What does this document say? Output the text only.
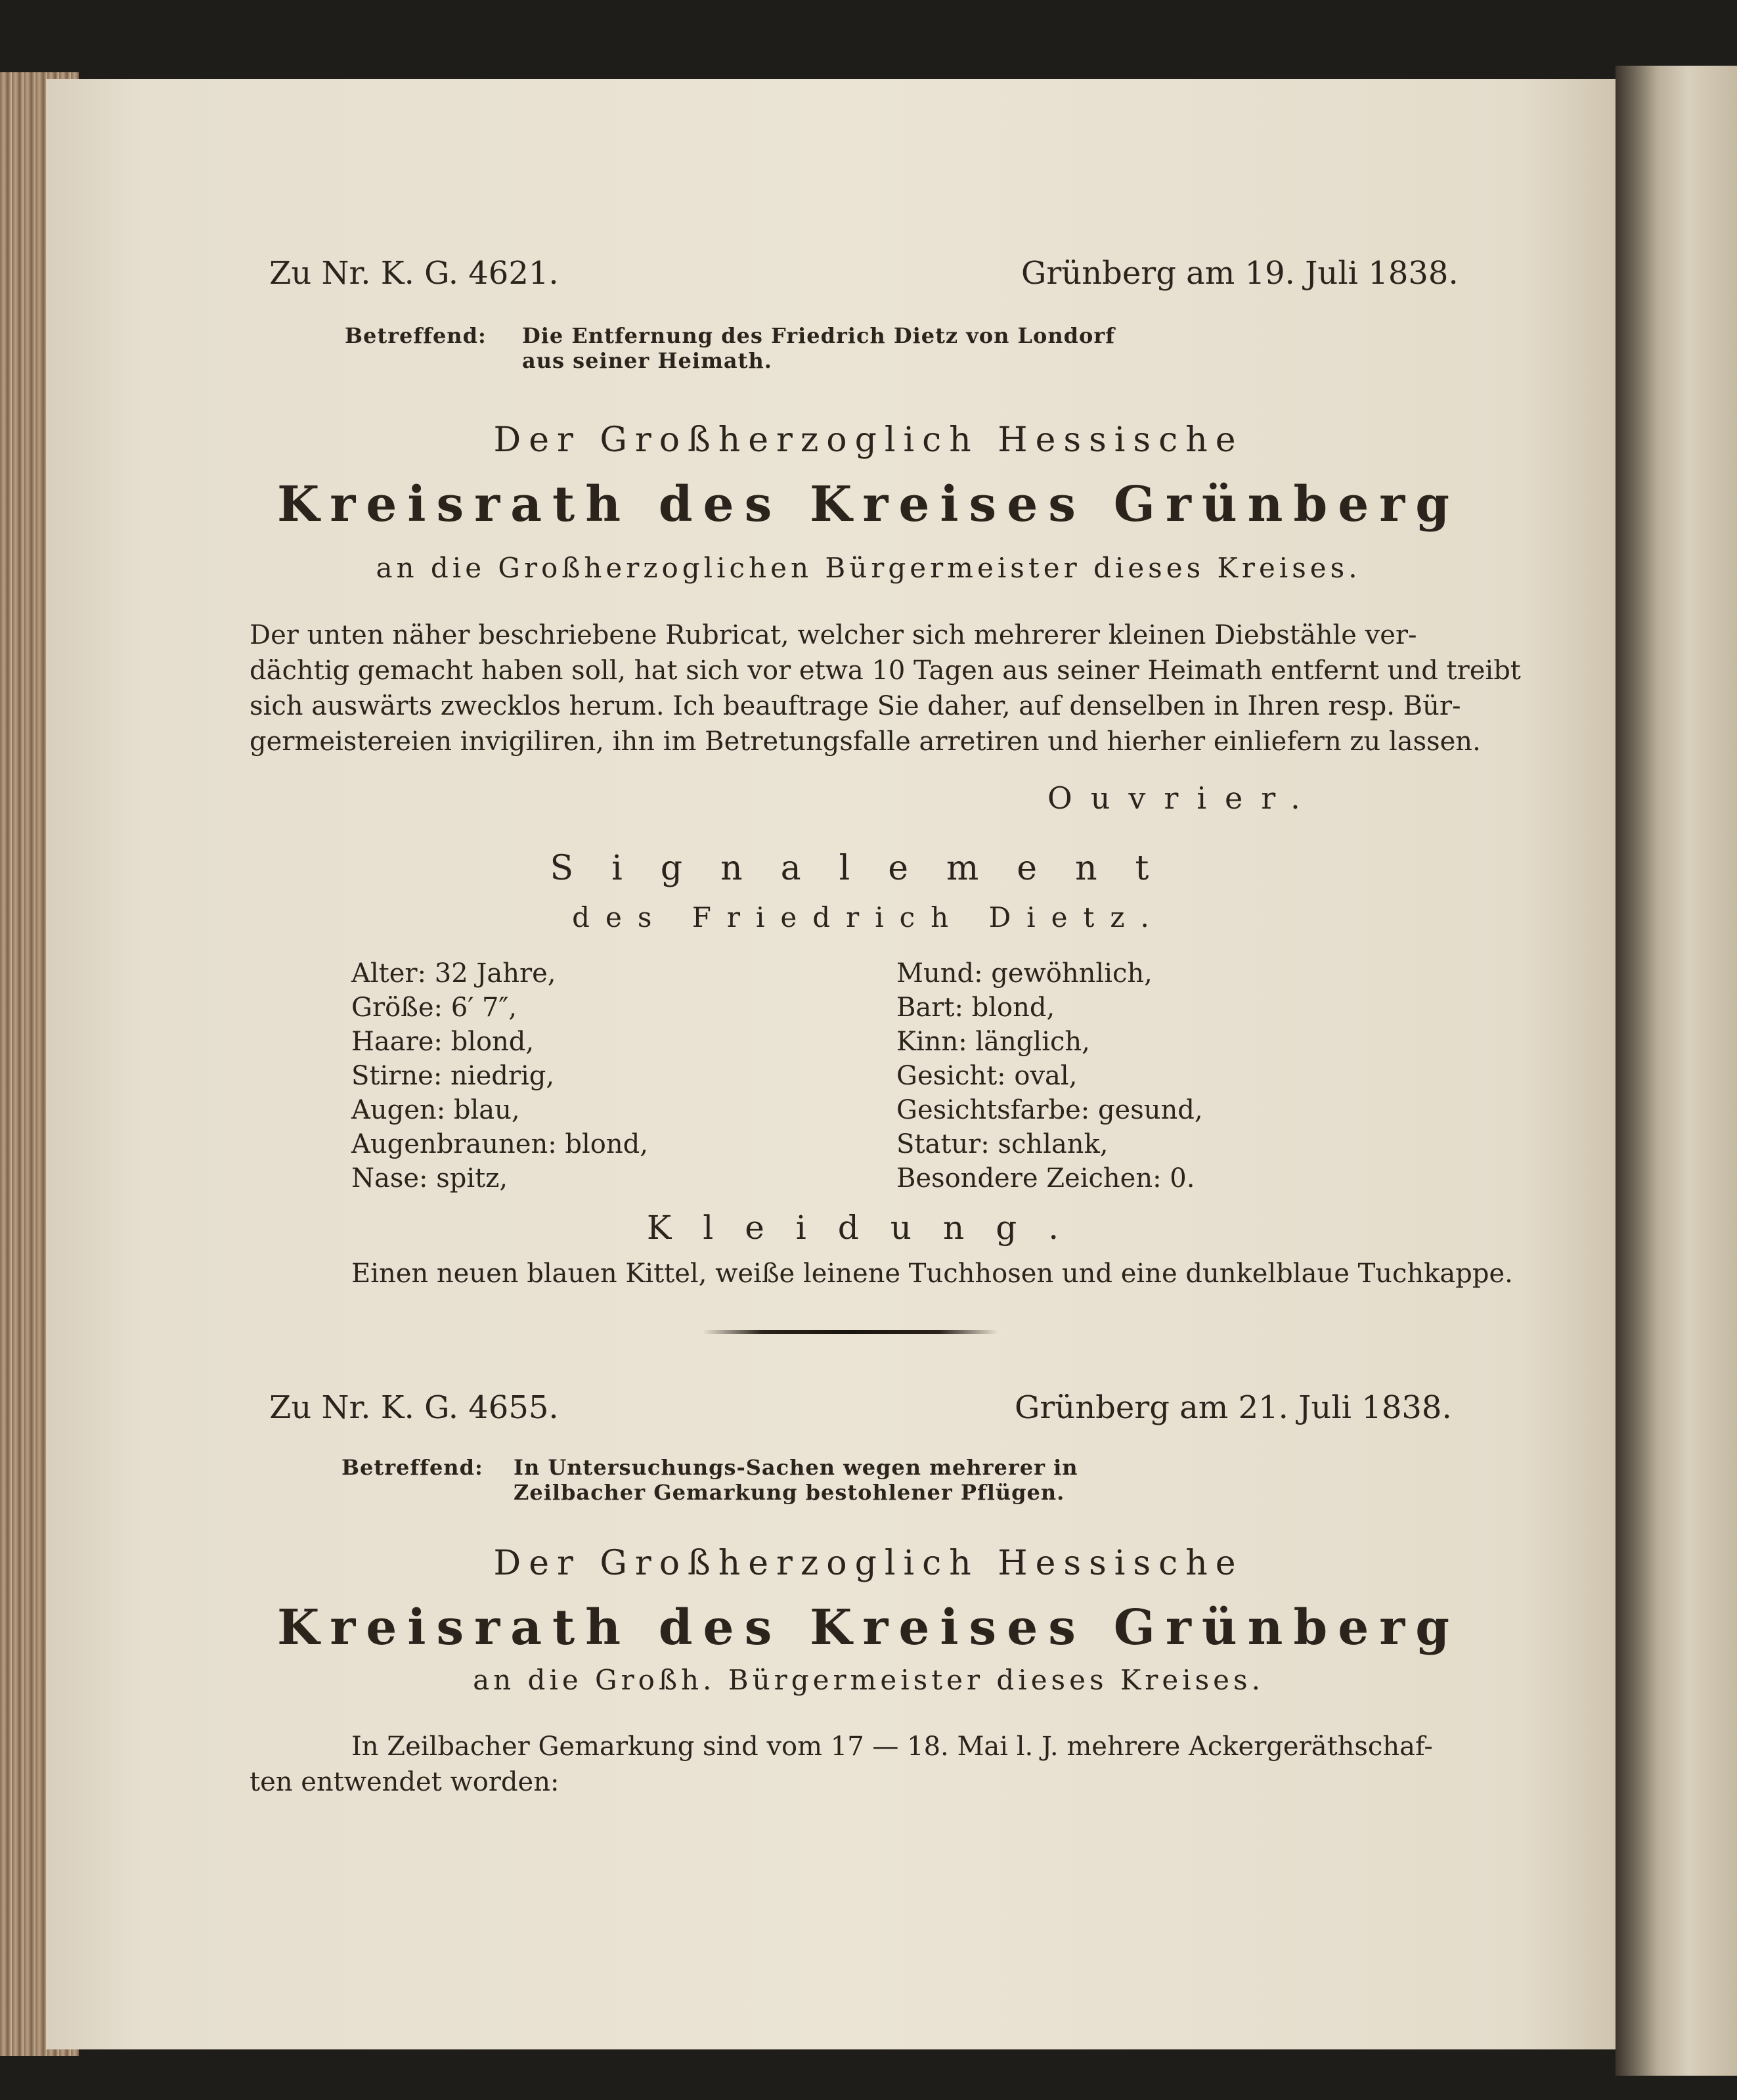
Zu Nr. K. G. 4621.	Grünberg am 19. Juli 1838.
Betreffend: Die Entfernung des Friedrich Dietz von Londorf
aus seiner Heimath.
Der Großherzoglich Hessische
Kreisrath des Kreises Grünberg
an die Großherzoglichen Bürgermeister dieses Kreises.
Der unten näher beschriebene Rubricat, welcher sich mehrerer kleinen Diebstähle ver-
dächtig gemacht haben soll, hat sich vor etwa 10 Tagen aus seiner Heimath entfernt und treibt
sich auswärts zwecklos herum. Ich beauftrage Sie daher, auf denselben in Ihren resp. Bür-
germeistereien invigiliren, ihn im Betretungsfalle arretiren und hierher einliefern zu lassen.
Ouvrier.
Signalement
des Friedrich Dietz.
Alter: 32 Jahre,
Größe: 6′ 7″,
Haare: blond,
Stirne: niedrig,
Augen: blau,
Augenbraunen: blond,
Nase: spitz,
Mund: gewöhnlich,
Bart: blond,
Kinn: länglich,
Gesicht: oval,
Gesichtsfarbe: gesund,
Statur: schlank,
Besondere Zeichen: 0.
Kleidung.
Einen neuen blauen Kittel, weiße leinene Tuchhosen und eine dunkelblaue Tuchkappe.
Zu Nr. K. G. 4655.	Grünberg am 21. Juli 1838.
Betreffend: In Untersuchungs-Sachen wegen mehrerer in
Zeilbacher Gemarkung bestohlener Pflügen.
Der Großherzoglich Hessische
Kreisrath des Kreises Grünberg
an die Großh. Bürgermeister dieses Kreises.
In Zeilbacher Gemarkung sind vom 17 — 18. Mai l. J. mehrere Ackergeräthschaf-
ten entwendet worden:
